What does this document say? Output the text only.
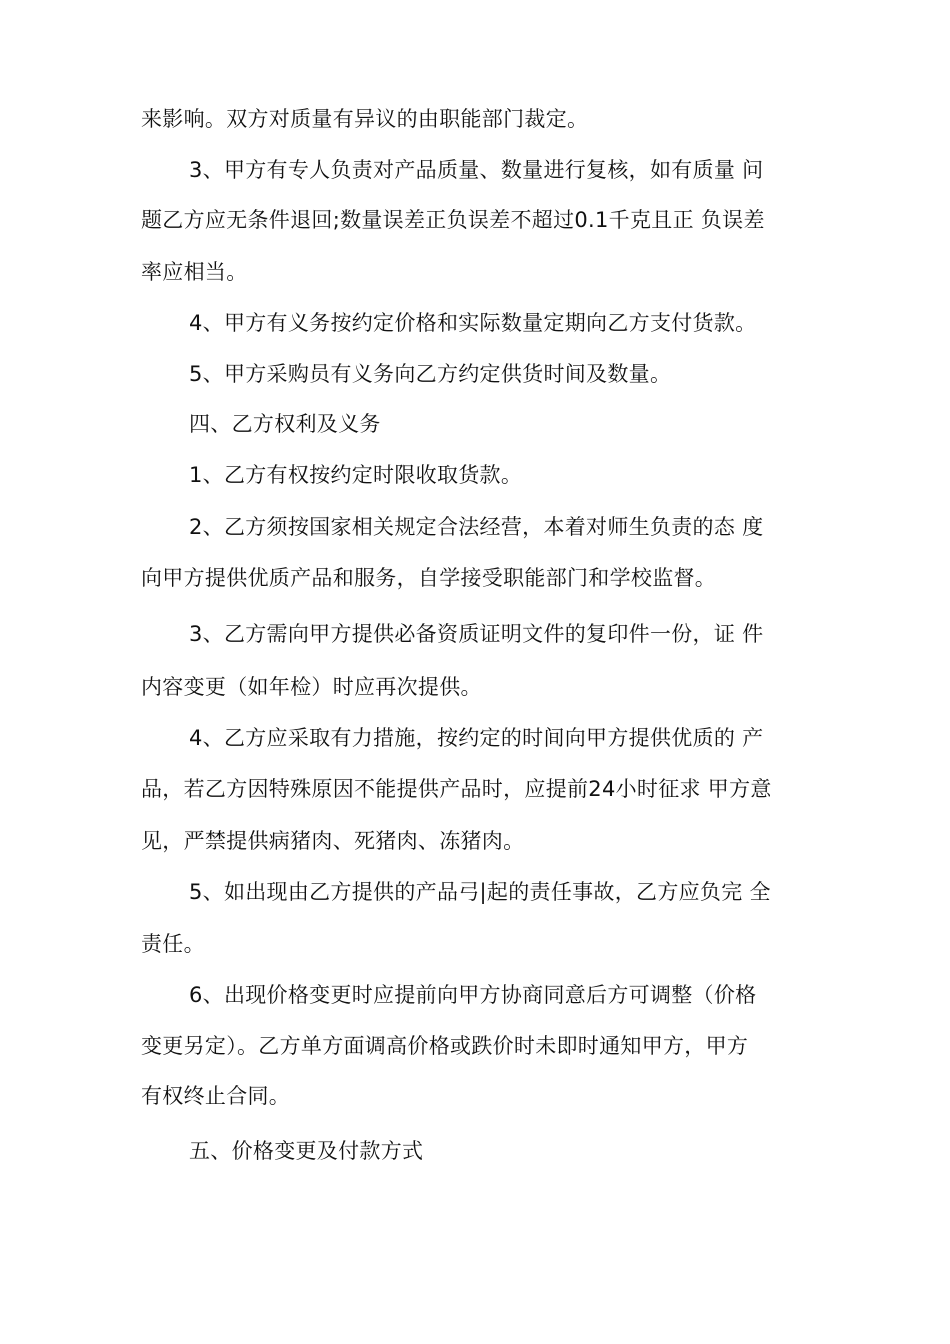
来影响。双方对质量有异议的由职能部门裁定。
3、甲方有专人负责对产品质量、数量进行复核，如有质量 问
题乙方应无条件退回;数量误差正负误差不超过0.1千克且正 负误差
率应相当。
4、甲方有义务按约定价格和实际数量定期向乙方支付货款。
5、甲方采购员有义务向乙方约定供货时间及数量。
四、乙方权利及义务
1、乙方有权按约定时限收取货款。
2、乙方须按国家相关规定合法经营，本着对师生负责的态 度
向甲方提供优质产品和服务，自学接受职能部门和学校监督。
3、乙方需向甲方提供必备资质证明文件的复印件一份，证 件
内容变更（如年检）时应再次提供。
4、乙方应采取有力措施，按约定的时间向甲方提供优质的 产
品，若乙方因特殊原因不能提供产品时，应提前24小时征求 甲方意
见，严禁提供病猪肉、死猪肉、冻猪肉。
5、如出现由乙方提供的产品弓|起的责任事故，乙方应负完 全
责任。
6、出现价格变更时应提前向甲方协商同意后方可调整（价格
变更另定）。乙方单方面调高价格或跌价时未即时通知甲方，甲方
有权终止合同。
五、价格变更及付款方式
